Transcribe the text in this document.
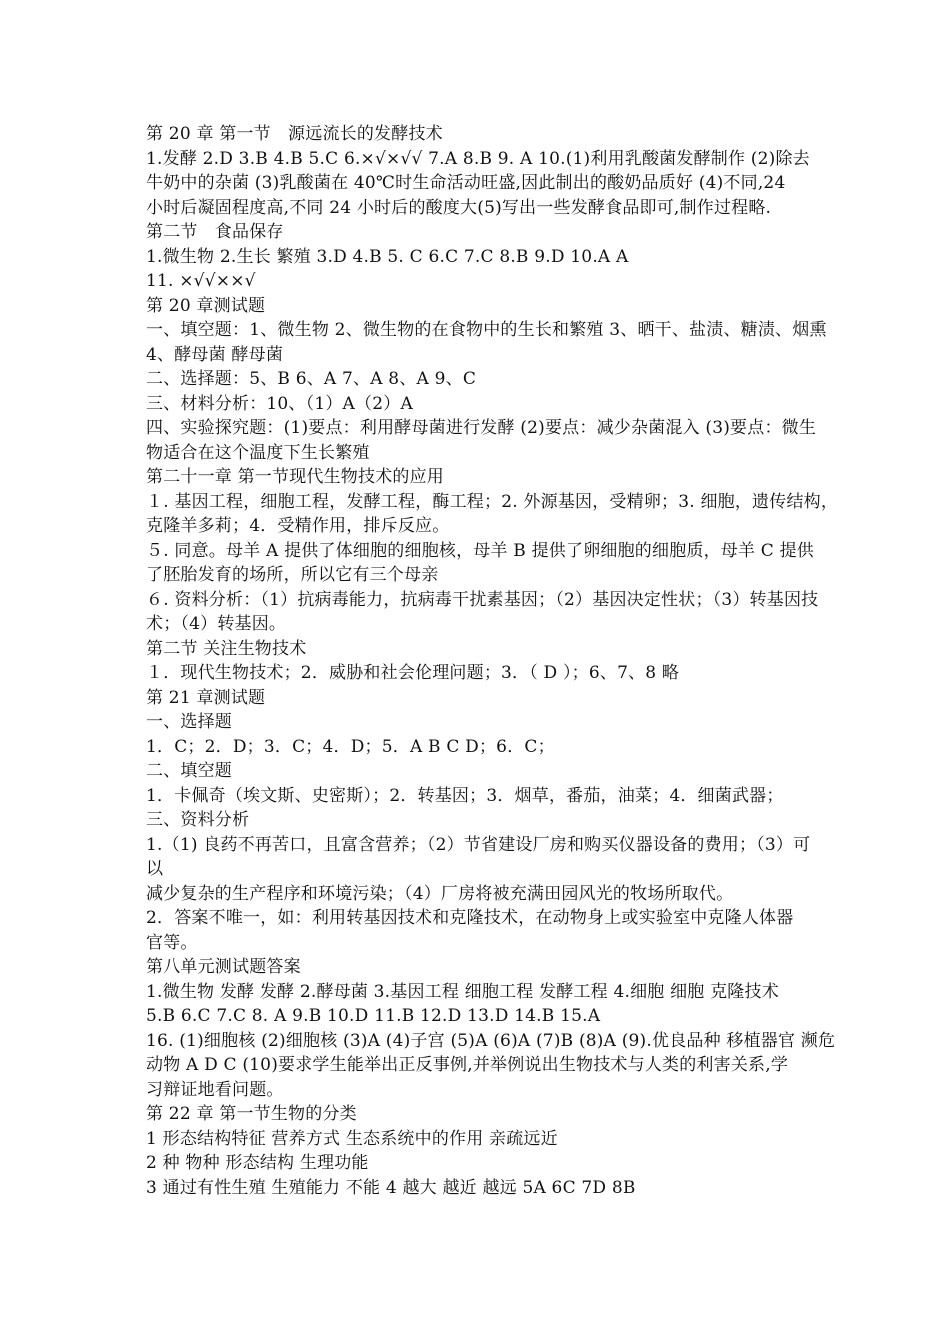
第 20 章 第一节　源远流长的发酵技术
1.发酵 2.D 3.B 4.B 5.C 6.×√×√√ 7.A 8.B 9. A 10.(1)利用乳酸菌发酵制作 (2)除去
牛奶中的杂菌 (3)乳酸菌在 40℃时生命活动旺盛,因此制出的酸奶品质好 (4)不同,24
小时后凝固程度高,不同 24 小时后的酸度大(5)写出一些发酵食品即可,制作过程略.
第二节　食品保存
1.微生物 2.生长 繁殖 3.D 4.B 5. C 6.C 7.C 8.B 9.D 10.A A
11. ×√√××√
第 20 章测试题
一、填空题：1、微生物 2、微生物的在食物中的生长和繁殖 3、晒干、盐渍、糖渍、烟熏
4、酵母菌 酵母菌
二、选择题：5、B 6、A 7、A 8、A 9、C
三、材料分析：10、（1）A（2）A
四、实验探究题：(1)要点：利用酵母菌进行发酵 (2)要点：减少杂菌混入 (3)要点：微生
物适合在这个温度下生长繁殖
第二十一章 第一节现代生物技术的应用
１. 基因工程，细胞工程，发酵工程，酶工程；2. 外源基因，受精卵；3. 细胞，遗传结构，
克隆羊多莉；4．受精作用，排斥反应。
５. 同意。母羊 A 提供了体细胞的细胞核，母羊 B 提供了卵细胞的细胞质，母羊 C 提供
了胚胎发育的场所，所以它有三个母亲
６. 资料分析：（1）抗病毒能力，抗病毒干扰素基因；（2）基因决定性状；（3）转基因技
术；（4）转基因。
第二节 关注生物技术
１．现代生物技术；2．威胁和社会伦理问题；3．（ D ）；6、7、8 略
第 21 章测试题
一、选择题
1．C；2．D；3．C；4．D；5．A B C D；6．C；
二、填空题
1．卡佩奇（埃文斯、史密斯）；2．转基因；3．烟草，番茄，油菜；4．细菌武器；
三、资料分析
1.（1) 良药不再苦口，且富含营养；（2）节省建设厂房和购买仪器设备的费用；（3）可
以
减少复杂的生产程序和环境污染；（4）厂房将被充满田园风光的牧场所取代。
2．答案不唯一，如：利用转基因技术和克隆技术，在动物身上或实验室中克隆人体器
官等。
第八单元测试题答案
1.微生物 发酵 发酵 2.酵母菌 3.基因工程 细胞工程 发酵工程 4.细胞 细胞 克隆技术
5.B 6.C 7.C 8. A 9.B 10.D 11.B 12.D 13.D 14.B 15.A
16. (1)细胞核 (2)细胞核 (3)A (4)子宫 (5)A (6)A (7)B (8)A (9).优良品种 移植器官 濒危
动物 A D C (10)要求学生能举出正反事例,并举例说出生物技术与人类的利害关系,学
习辩证地看问题。
第 22 章 第一节生物的分类
1 形态结构特征 营养方式 生态系统中的作用 亲疏远近
2 种 物种 形态结构 生理功能
3 通过有性生殖 生殖能力 不能 4 越大 越近 越远 5A 6C 7D 8B
